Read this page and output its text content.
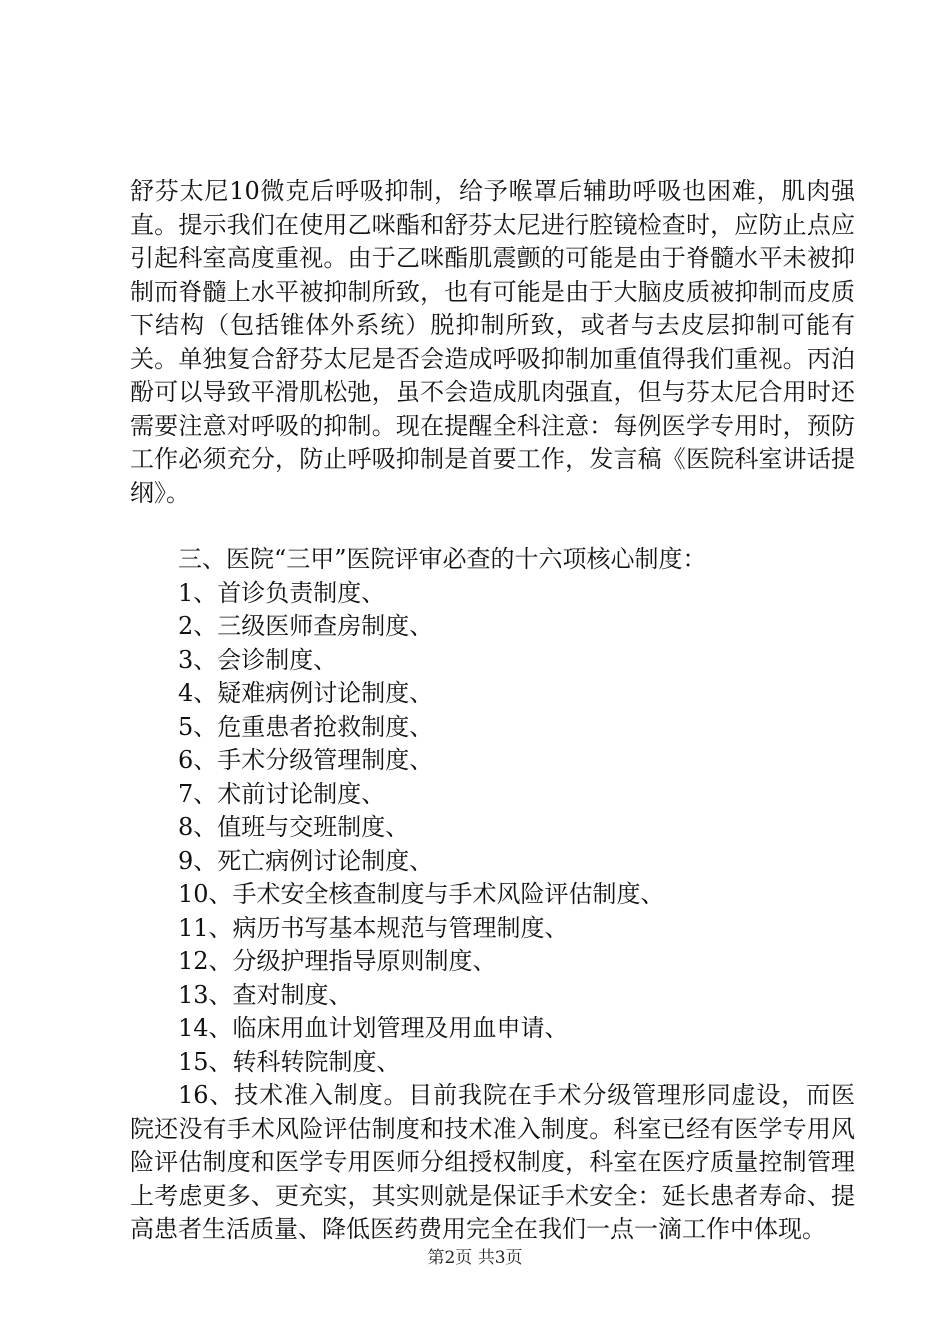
舒芬太尼10微克后呼吸抑制，给予喉罩后辅助呼吸也困难，肌肉强直。提示我们在使用乙咪酯和舒芬太尼进行腔镜检查时，应防止点应引起科室高度重视。由于乙咪酯肌震颤的可能是由于脊髓水平未被抑制而脊髓上水平被抑制所致，也有可能是由于大脑皮质被抑制而皮质下结构（包括锥体外系统）脱抑制所致，或者与去皮层抑制可能有关。单独复合舒芬太尼是否会造成呼吸抑制加重值得我们重视。丙泊酚可以导致平滑肌松弛，虽不会造成肌肉强直，但与芬太尼合用时还需要注意对呼吸的抑制。现在提醒全科注意：每例医学专用时，预防工作必须充分，防止呼吸抑制是首要工作，发言稿《医院科室讲话提纲》。

三、医院“三甲”医院评审必查的十六项核心制度：

1、首诊负责制度、
2、三级医师查房制度、
3、会诊制度、
4、疑难病例讨论制度、
5、危重患者抢救制度、
6、手术分级管理制度、
7、术前讨论制度、
8、值班与交班制度、
9、死亡病例讨论制度、
10、手术安全核查制度与手术风险评估制度、
11、病历书写基本规范与管理制度、
12、分级护理指导原则制度、
13、查对制度、
14、临床用血计划管理及用血申请、
15、转科转院制度、

16、技术准入制度。目前我院在手术分级管理形同虚设，而医院还没有手术风险评估制度和技术准入制度。科室已经有医学专用风险评估制度和医学专用医师分组授权制度，科室在医疗质量控制管理上考虑更多、更充实，其实则就是保证手术安全：延长患者寿命、提高患者生活质量、降低医药费用完全在我们一点一滴工作中体现。

第2页 共3页
